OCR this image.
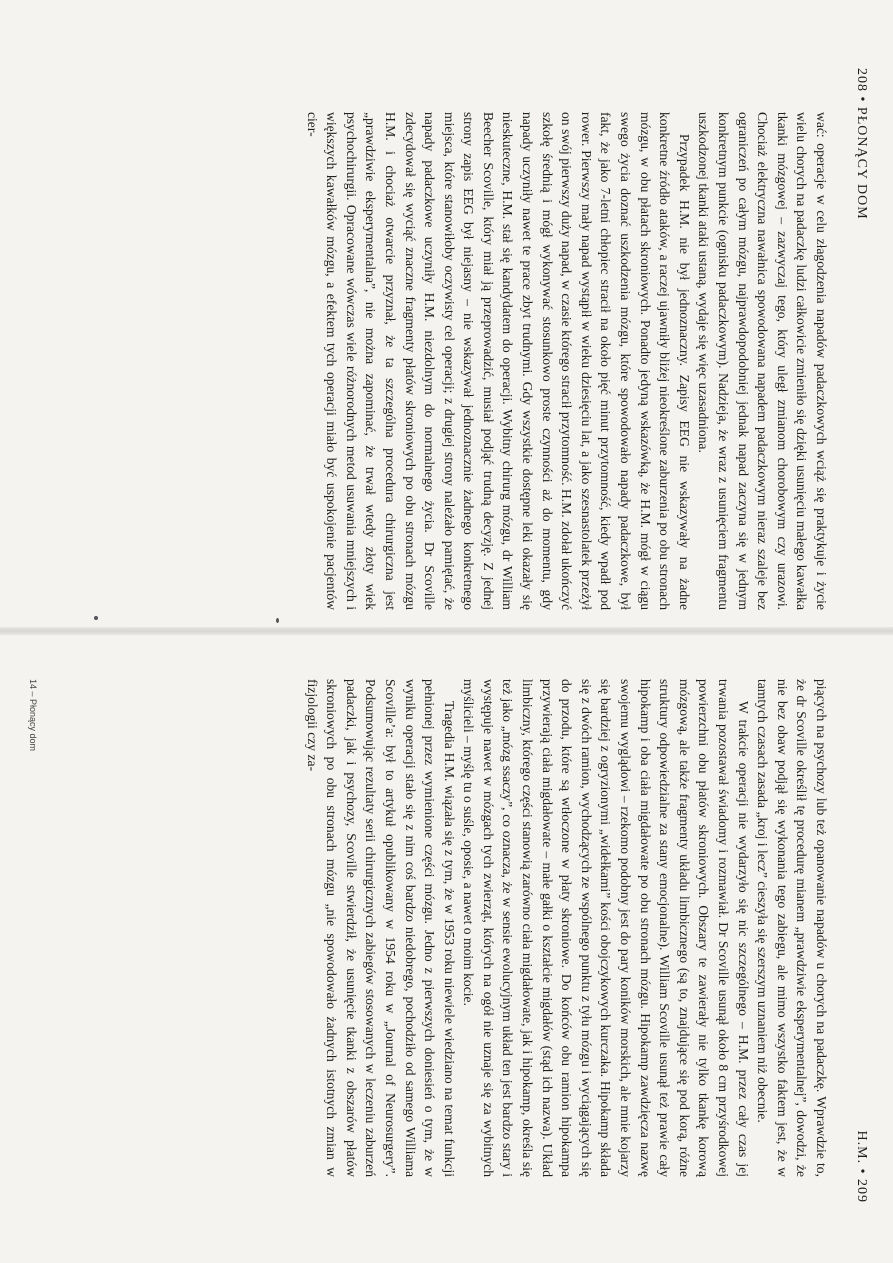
208 • PŁONĄCY DOM

wać: operacje w celu złagodzenia napadów padaczkowych wciąż się praktykuje i życie wielu chorych na padaczkę ludzi całkowicie zmieniło się dzięki usunięciu małego kawałka tkanki mózgowej – zazwyczaj tego, który uległ zmianom chorobowym czy urazowi. Chociaż elektryczna nawałnica spowodowana napadem padaczkowym nieraz szaleje bez ograniczeń po całym mózgu, najprawdopodobniej jednak napad zaczyna się w jednym konkretnym punkcie (ognisku padaczkowym). Nadzieja, że wraz z usunięciem fragmentu uszkodzonej tkanki ataki ustaną, wydaje się więc uzasadniona.

Przypadek H.M. nie był jednoznaczny. Zapisy EEG nie wskazywały na żadne konkretne źródło ataków, a raczej ujawniły bliżej nieokreślone zaburzenia po obu stronach mózgu, w obu płatach skroniowych. Ponadto jedyną wskazówką, że H.M. mógł w ciągu swego życia doznać uszkodzenia mózgu, które spowodowało napady padaczkowe, był fakt, że jako 7-letni chłopiec stracił na około pięć minut przytomność, kiedy wpadł pod rower. Pierwszy mały napad wystąpił w wieku dziesięciu lat, a jako szesnastolatek przeżył on swój pierwszy duży napad, w czasie którego stracił przytomność. H.M. zdołał ukończyć szkołę średnią i mógł wykonywać stosunkowo proste czynności aż do momentu, gdy napady uczyniły nawet te prace zbyt trudnymi. Gdy wszystkie dostępne leki okazały się nieskuteczne, H.M. stał się kandydatem do operacji. Wybitny chirurg mózgu, dr William Beecher Scoville, który miał ją przeprowadzić, musiał podjąć trudną decyzję. Z jednej strony zapis EEG był niejasny – nie wskazywał jednoznacznie żadnego konkretnego miejsca, które stanowiłoby oczywisty cel operacji; z drugiej strony należało pamiętać, że napady padaczkowe uczyniły H.M. niezdolnym do normalnego życia. Dr Scoville zdecydował się wyciąć znaczne fragmenty płatów skroniowych po obu stronach mózgu H.M. i chociaż otwarcie przyznał, że ta szczególna procedura chirurgiczna jest „prawdziwie eksperymentalna”, nie można zapominać, że trwał wtedy złoty wiek psychochirurgii. Opracowane wówczas wiele różnorodnych metod usuwania mniejszych i większych kawałków mózgu, a efektem tych operacji miało być uspokojenie pacjentów cier-

H.M. • 209

piących na psychozy lub też opanowanie napadów u chorych na padaczkę. Wprawdzie to, że dr Scoville określił tę procedurę mianem „prawdziwie eksperymentalnej”, dowodzi, że nie bez obaw podjął się wykonania tego zabiegu, ale mimo wszystko faktem jest, że w tamtych czasach zasada „kroj i lecz” cieszyła się szerszym uznaniem niż obecnie.

W trakcie operacji nie wydarzyło się nic szczególnego – H.M. przez cały czas jej trwania pozostawał świadomy i rozmawiał. Dr Scoville usunął około 8 cm przyśrodkowej powierzchni obu płatów skroniowych. Obszary te zawierały nie tylko tkankę korową mózgową, ale także fragmenty układu limbicznego (są to, znajdujące się pod korą, różne struktury odpowiedzialne za stany emocjonalne). William Scoville usunął też prawie cały hipokamp i oba ciała migdałowate po obu stronach mózgu. Hipokamp zawdzięcza nazwę swojemu wyglądowi – rzekomo podobny jest do pary koników morskich, ale mnie kojarzy się bardziej z ogryzionymi „widełkami” kości obojczykowych kurczaka. Hipokamp składa się z dwóch ramion, wychodzących ze wspólnego punktu z tyłu mózgu i wyciągających się do przodu, które są wtłoczone w płaty skroniowe. Do końców obu ramion hipokampa przywierają ciała migdałowate – małe gałki o kształcie migdałów (stąd ich nazwa). Układ limbiczny, którego części stanowią zarówno ciała migdałowate, jak i hipokamp, określa się też jako „mózg ssaczy”, co oznacza, że w sensie ewolucyjnym układ ten jest bardzo stary i występuje nawet w mózgach tych zwierząt, których na ogół nie uznaje się za wybitnych myślicieli – myślę tu o suśle, oposie, a nawet o moim kocie.

Tragedia H.M. wiązała się z tym, że w 1953 roku niewiele wiedziano na temat funkcji pełnionej przez wymienione części mózgu. Jedno z pierwszych doniesień o tym, że w wyniku operacji stało się z nim coś bardzo niedobrego, pochodziło od samego Williama Scoville’a: był to artykuł opublikowany w 1954 roku w „Journal of Neurosurgery”. Podsumowując rezultaty serii chirurgicznych zabiegów stosowanych w leczeniu zaburzeń padaczki, jak i psychozy, Scoville stwierdził, że usunięcie tkanki z obszarów płatów skroniowych po obu stronach mózgu „nie spowodowało żadnych istotnych zmian w fizjologii czy za-

14 – Płonący dom
